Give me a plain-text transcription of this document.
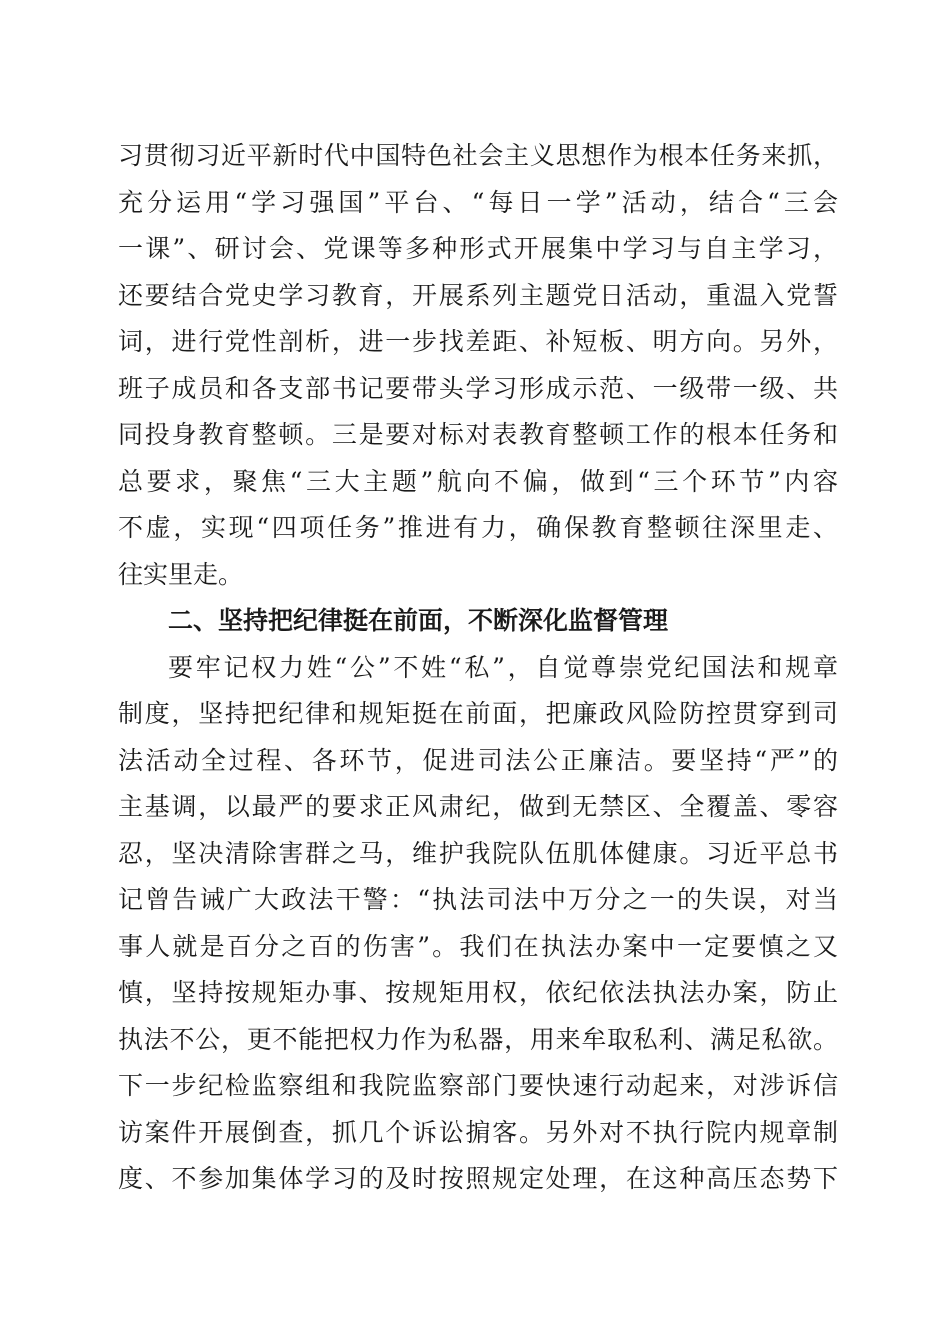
习贯彻习近平新时代中国特色社会主义思想作为根本任务来抓，
充分运用“学习强国”平台、“每日一学”活动，结合“三会
一课”、研讨会、党课等多种形式开展集中学习与自主学习，
还要结合党史学习教育，开展系列主题党日活动，重温入党誓
词，进行党性剖析，进一步找差距、补短板、明方向。另外，
班子成员和各支部书记要带头学习形成示范、一级带一级、共
同投身教育整顿。三是要对标对表教育整顿工作的根本任务和
总要求，聚焦“三大主题”航向不偏，做到“三个环节”内容
不虚，实现“四项任务”推进有力，确保教育整顿往深里走、
往实里走。
二、坚持把纪律挺在前面，不断深化监督管理
要牢记权力姓“公”不姓“私”，自觉尊崇党纪国法和规章
制度，坚持把纪律和规矩挺在前面，把廉政风险防控贯穿到司
法活动全过程、各环节，促进司法公正廉洁。要坚持“严”的
主基调，以最严的要求正风肃纪，做到无禁区、全覆盖、零容
忍，坚决清除害群之马，维护我院队伍肌体健康。习近平总书
记曾告诫广大政法干警：“执法司法中万分之一的失误，对当
事人就是百分之百的伤害”。我们在执法办案中一定要慎之又
慎，坚持按规矩办事、按规矩用权，依纪依法执法办案，防止
执法不公，更不能把权力作为私器，用来牟取私利、满足私欲。
下一步纪检监察组和我院监察部门要快速行动起来，对涉诉信
访案件开展倒查，抓几个诉讼掮客。另外对不执行院内规章制
度、不参加集体学习的及时按照规定处理，在这种高压态势下
